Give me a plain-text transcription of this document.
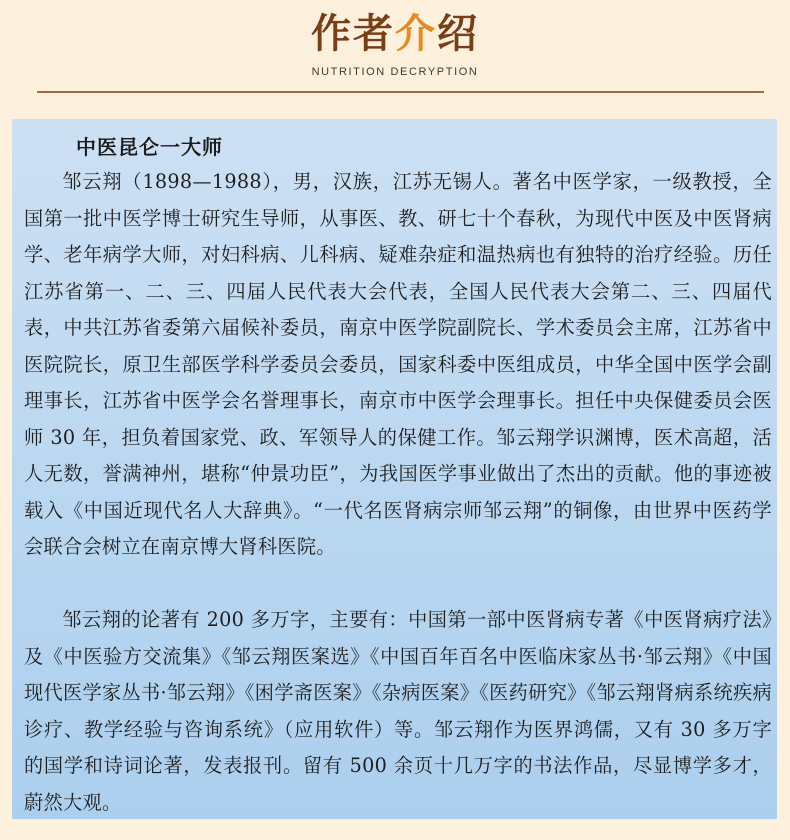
作者介绍
NUTRITION DECRYPTION
中医昆仑一大师

邹云翔（1898—1988），男，汉族，江苏无锡人。著名中医学家，一级教授，全国第一批中医学博士研究生导师，从事医、教、研七十个春秋，为现代中医及中医肾病学、老年病学大师，对妇科病、儿科病、疑难杂症和温热病也有独特的治疗经验。历任江苏省第一、二、三、四届人民代表大会代表，全国人民代表大会第二、三、四届代表，中共江苏省委第六届候补委员，南京中医学院副院长、学术委员会主席，江苏省中医院院长，原卫生部医学科学委员会委员，国家科委中医组成员，中华全国中医学会副理事长，江苏省中医学会名誉理事长，南京市中医学会理事长。担任中央保健委员会医师 30 年，担负着国家党、政、军领导人的保健工作。邹云翔学识渊博，医术高超，活人无数，誉满神州，堪称“仲景功臣”，为我国医学事业做出了杰出的贡献。他的事迹被载入《中国近现代名人大辞典》。“一代名医肾病宗师邹云翔”的铜像，由世界中医药学会联合会树立在南京博大肾科医院。

邹云翔的论著有 200 多万字，主要有：中国第一部中医肾病专著《中医肾病疗法》及《中医验方交流集》《邹云翔医案选》《中国百年百名中医临床家丛书·邹云翔》《中国现代医学家丛书·邹云翔》《困学斋医案》《杂病医案》《医药研究》《邹云翔肾病系统疾病诊疗、教学经验与咨询系统》（应用软件）等。邹云翔作为医界鸿儒，又有 30 多万字的国学和诗词论著，发表报刊。留有 500 余页十几万字的书法作品，尽显博学多才，蔚然大观。
